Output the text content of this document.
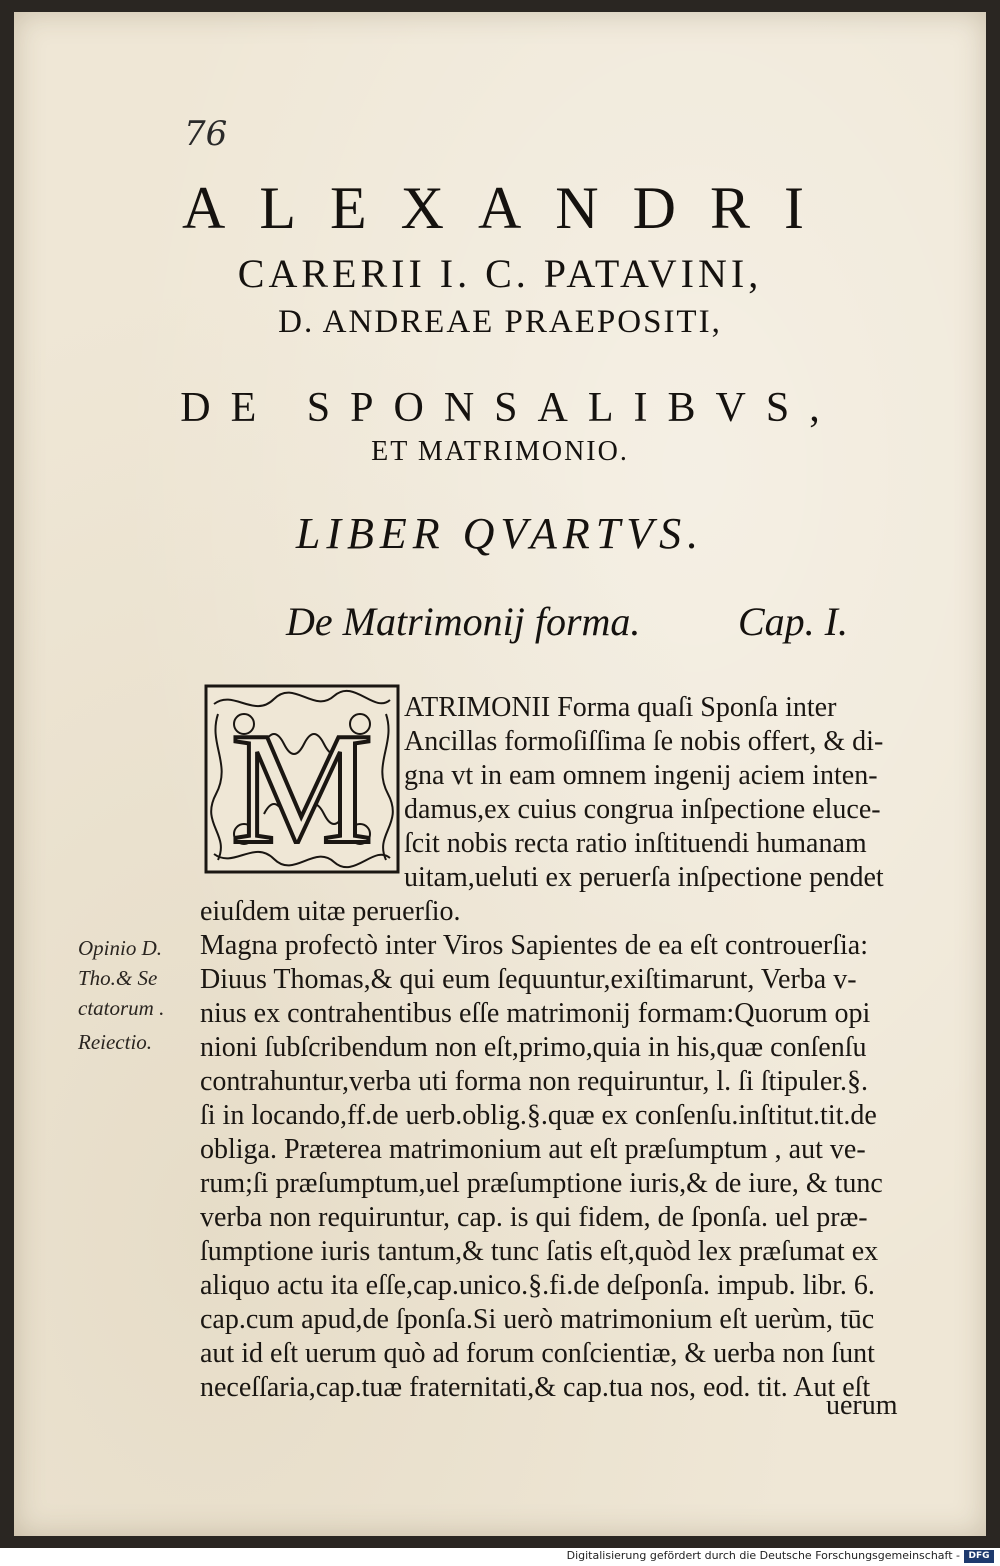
76
ALEXANDRI
CARERII I. C. PATAVINI,
D. ANDREAE PRAEPOSITI,
DE SPONSALIBVS,
ET MATRIMONIO.
LIBER QVARTVS.
De Matrimonij forma. Cap. I.
M ATRIMONII Forma quaſi Sponſa inter
Ancillas formoſiſſima ſe nobis offert, & di-
gna vt in eam omnem ingenij aciem inten-
damus,ex cuius congrua inſpectione eluce-
ſcit nobis recta ratio inſtituendi humanam
uitam,ueluti ex peruerſa inſpectione pendet
eiuſdem uitæ peruerſio.
Magna profectò inter Viros Sapientes de ea eſt controuerſia:
Diuus Thomas,& qui eum ſequuntur,exiſtimarunt, Verba v-
nius ex contrahentibus eſſe matrimonij formam:Quorum opi
nioni ſubſcribendum non eſt,primo,quia in his,quæ conſenſu
contrahuntur,verba uti forma non requiruntur, l. ſi ſtipuler.§.
ſi in locando,ff.de uerb.oblig.§.quæ ex conſenſu.inſtitut.tit.de
obliga. Præterea matrimonium aut eſt præſumptum , aut ve-
rum;ſi præſumptum,uel præſumptione iuris,& de iure, & tunc
verba non requiruntur, cap. is qui fidem, de ſponſa. uel præ-
ſumptione iuris tantum,& tunc ſatis eſt,quòd lex præſumat ex
aliquo actu ita eſſe,cap.unico.§.fi.de deſponſa. impub. libr. 6.
cap.cum apud,de ſponſa.Si uerò matrimonium eſt uerùm, tūc
aut id eſt uerum quò ad forum conſcientiæ, & uerba non ſunt
neceſſaria,cap.tuæ fraternitati,& cap.tua nos, eod. tit. Aut eſt
Opinio D.
Tho.& Se
ctatorum .
Reiectio.
uerum
Digitalisierung gefördert durch die Deutsche Forschungsgemeinschaft - DFG
